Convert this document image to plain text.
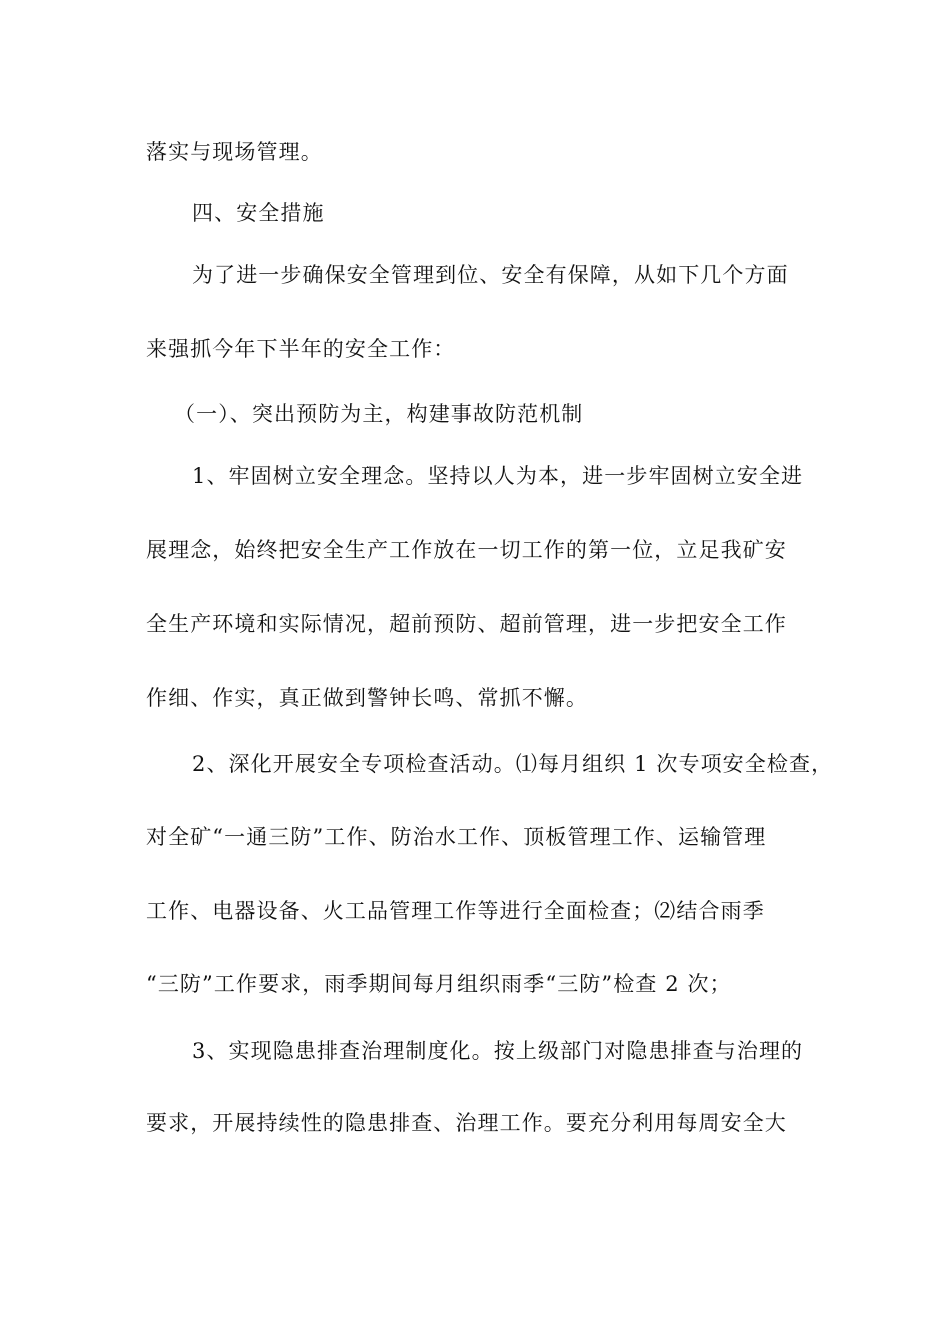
落实与现场管理。
四、安全措施
为了进一步确保安全管理到位、安全有保障，从如下几个方面
来强抓今年下半年的安全工作：
（一）、突出预防为主，构建事故防范机制
1、牢固树立安全理念。坚持以人为本，进一步牢固树立安全进
展理念，始终把安全生产工作放在一切工作的第一位，立足我矿安
全生产环境和实际情况，超前预防、超前管理，进一步把安全工作
作细、作实，真正做到警钟长鸣、常抓不懈。
2、深化开展安全专项检查活动。⑴每月组织 1 次专项安全检查，
对全矿“一通三防”工作、防治水工作、顶板管理工作、运输管理
工作、电器设备、火工品管理工作等进行全面检查；⑵结合雨季
“三防”工作要求，雨季期间每月组织雨季“三防”检查 2 次；
3、实现隐患排查治理制度化。按上级部门对隐患排查与治理的
要求，开展持续性的隐患排查、治理工作。要充分利用每周安全大
